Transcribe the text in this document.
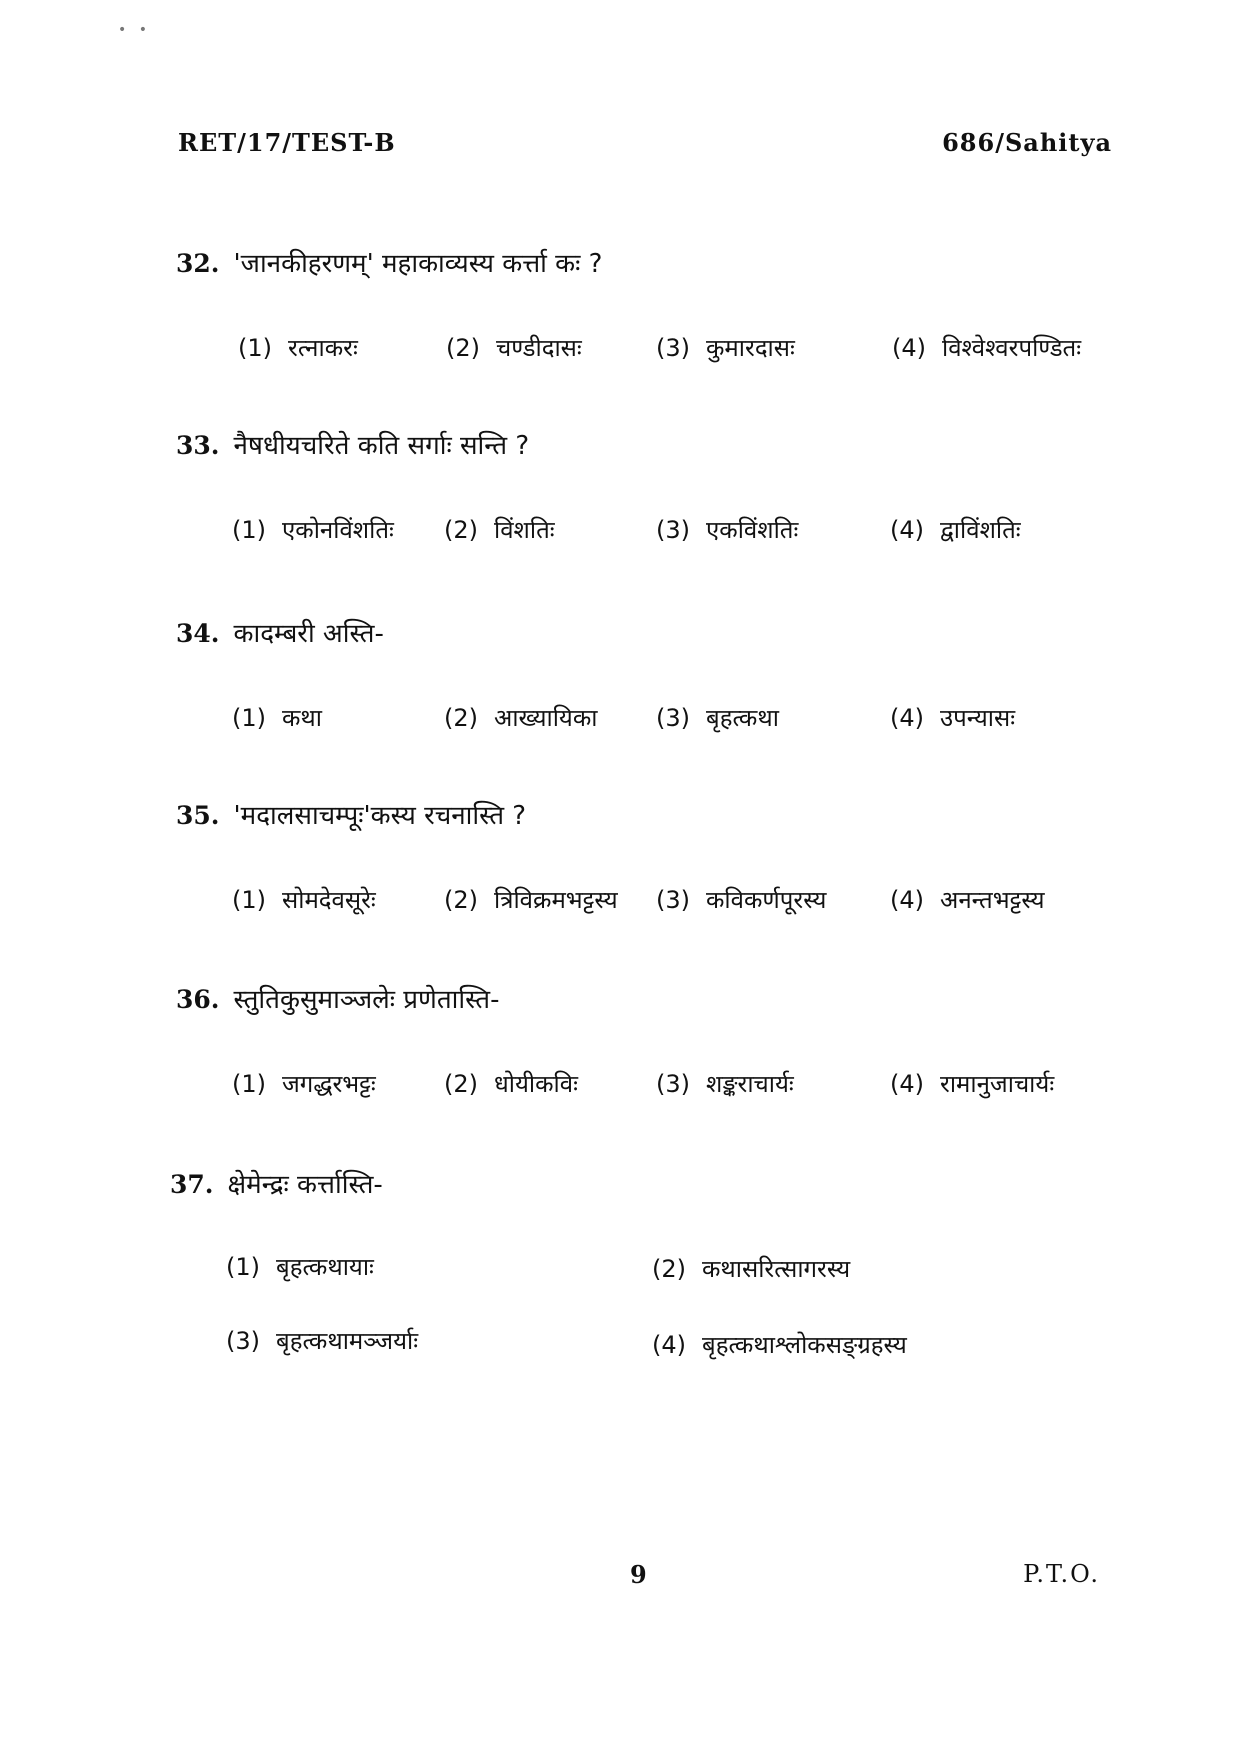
• •
RET/17/TEST-B	686/Sahitya
32. 'जानकीहरणम्' महाकाव्यस्य कर्त्ता कः ?
(1) रत्नाकरः	(2) चण्डीदासः	(3) कुमारदासः	(4) विश्वेश्वरपण्डितः
33. नैषधीयचरिते कति सर्गाः सन्ति ?
(1) एकोनविंशतिः (2) विंशतिः	(3) एकविंशतिः	(4) द्वाविंशतिः
34. कादम्बरी अस्ति-
(1) कथा	(2) आख्यायिका (3) बृहत्कथा	(4) उपन्यासः
35. 'मदालसाचम्पूः'कस्य रचनास्ति ?
(1) सोमदेवसूरेः	(2) त्रिविक्रमभट्टस्य (3) कविकर्णपूरस्य	(4) अनन्तभट्टस्य
36. स्तुतिकुसुमाञ्जलेः प्रणेतास्ति-
(1) जगद्धरभट्टः	(2) धोयीकविः	(3) शङ्कराचार्यः	(4) रामानुजाचार्यः
37. क्षेमेन्द्रः कर्त्तास्ति-
(1) बृहत्कथायाः	(2) कथासरित्सागरस्य
(3) बृहत्कथामञ्जर्याः	(4) बृहत्कथाश्लोकसङ्ग्रहस्य
9	P.T.O.
